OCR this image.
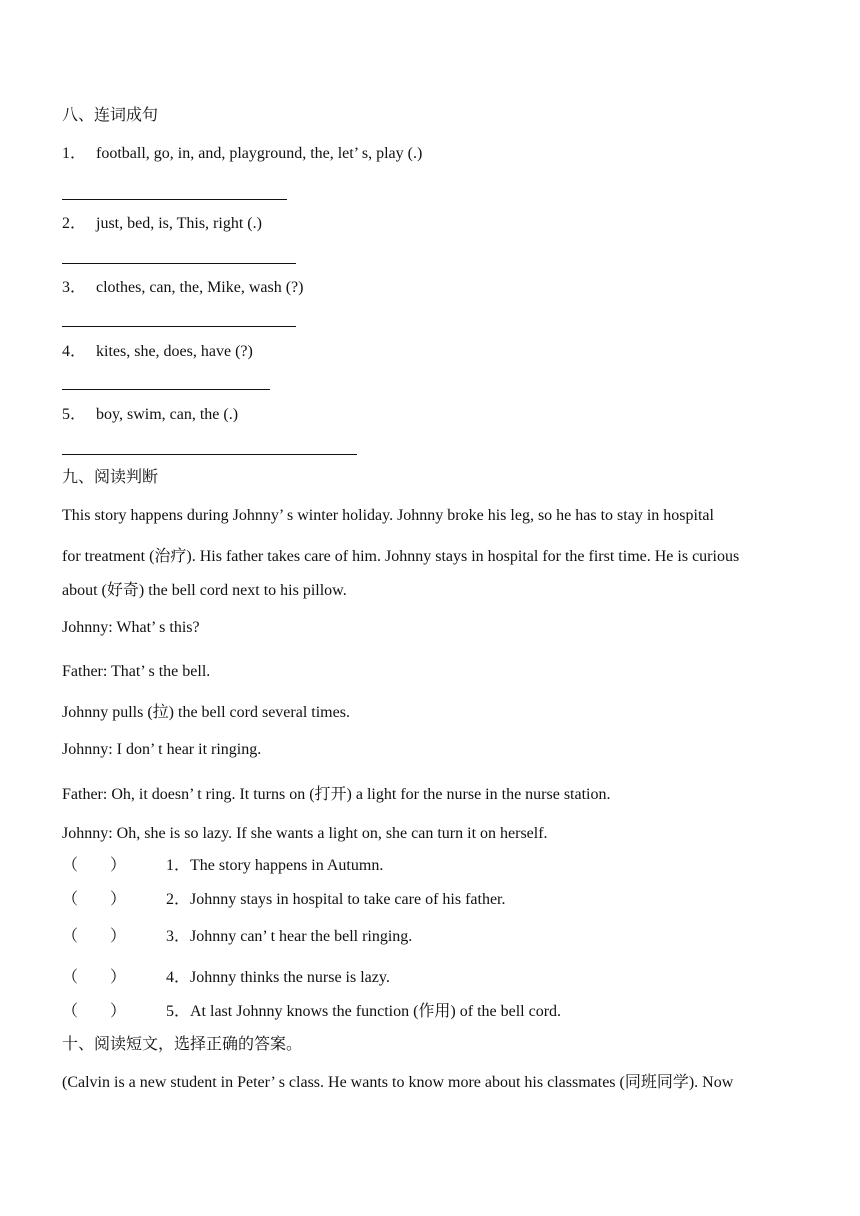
八、连词成句
1． football, go, in, and, playground, the, let’ s, play (.)
2． just, bed, is, This, right (.)
3． clothes, can, the, Mike, wash (?)
4． kites, she, does, have (?)
5． boy, swim, can, the (.)
九、阅读判断
This story happens during Johnny’ s winter holiday. Johnny broke his leg, so he has to stay in hospital
for treatment (治疗). His father takes care of him. Johnny stays in hospital for the first time. He is curious
about (好奇) the bell cord next to his pillow.
Johnny: What’ s this?
Father: That’ s the bell.
Johnny pulls (拉) the bell cord several times.
Johnny: I don’ t hear it ringing.
Father: Oh, it doesn’ t ring. It turns on (打开) a light for the nurse in the nurse station.
Johnny: Oh, she is so lazy. If she wants a light on, she can turn it on herself.
（　　） 1．The story happens in Autumn.
（　　） 2．Johnny stays in hospital to take care of his father.
（　　） 3．Johnny can’ t hear the bell ringing.
（　　） 4．Johnny thinks the nurse is lazy.
（　　） 5．At last Johnny knows the function (作用) of the bell cord.
十、阅读短文，选择正确的答案。
(Calvin is a new student in Peter’ s class. He wants to know more about his classmates (同班同学). Now
